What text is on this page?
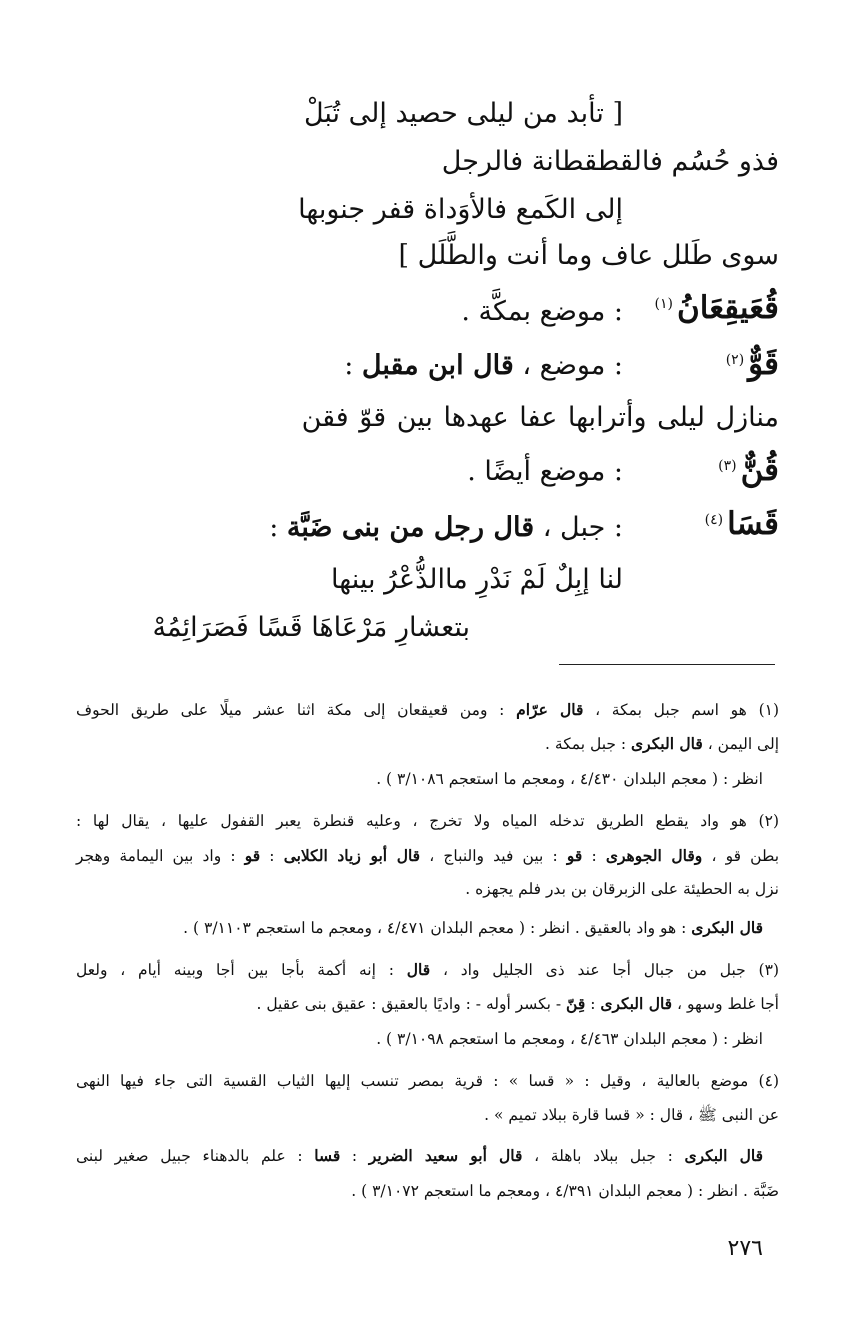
[ تأبد من ليلى حصيد إلى تُبَلْ
فذو حُسُم فالقطقطانة فالرجل
إلى الكَمع فالأوَداة قفر جنوبها
سوى طَلل عاف وما أنت والطَّلَل ]
قُعَيقِعَانُ$^{(١)}$
: موضع بمكَّة .
قَوٌّ$^{(٢)}$
: موضع ، قال ابن مقبل :
منازل ليلى وأترابها عفا عهدها بين قوّ فقن
قُنٌّ$^{(٣)}$
: موضع أيضًا .
قَسَا$^{(٤)}$
: جبل ، قال رجل من بنى ضَبَّة :
لنا إبِلٌ لَمْ نَدْرِ ماالذُّعْرُ بينها
بتعشارِ مَرْعَاهَا قَسًا فَصَرَائِمُهْ
(١) هو اسم جبل بمكة ، قال عرّام : ومن قعيقعان إلى مكة اثنا عشر ميلًا على طريق الحوف
إلى اليمن ، قال البكرى : جبل بمكة .
انظر : ( معجم البلدان ٤/٤٣٠ ، ومعجم ما استعجم ٣/١٠٨٦ ) .
(٢) هو واد يقطع الطريق تدخله المياه ولا تخرج ، وعليه قنطرة يعبر القفول عليها ، يقال لها :
بطن قو ، وقال الجوهرى : قو : بين فيد والنباج ، قال أبو زياد الكلابى : قو : واد بين اليمامة وهجر
نزل به الحطيئة على الزبرقان بن بدر فلم يجهزه .
قال البكرى : هو واد بالعقيق . انظر : ( معجم البلدان ٤/٤٧١ ، ومعجم ما استعجم ٣/١١٠٣ ) .
(٣) جبل من جبال أجا عند ذى الجليل واد ، قال : إنه أكمة بأجا بين أجا وبينه أيام ، ولعل
أجا غلط وسهو ، قال البكرى : قِنّ - بكسر أوله - : واديًا بالعقيق : عقيق بنى عقيل .
انظر : ( معجم البلدان ٤/٤٦٣ ، ومعجم ما استعجم ٣/١٠٩٨ ) .
(٤) موضع بالعالية ، وقيل : « قسا » : قرية بمصر تنسب إليها الثياب القسية التى جاء فيها النهى
عن النبى ﷺ ، قال : « قسا قارة ببلاد تميم » .
قال البكرى : جبل ببلاد باهلة ، قال أبو سعيد الضرير : قسا : علم بالدهناء جبيل صغير لبنى
ضَبَّة . انظر : ( معجم البلدان ٤/٣٩١ ، ومعجم ما استعجم ٣/١٠٧٢ ) .
٢٧٦
